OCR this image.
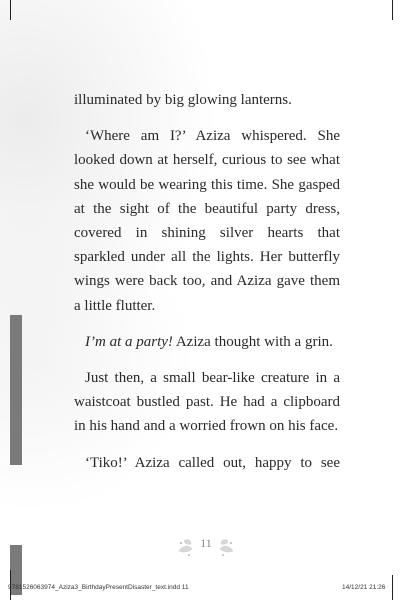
illuminated by big glowing lanterns.

‘Where am I?’ Aziza whispered. She looked down at herself, curious to see what she would be wearing this time. She gasped at the sight of the beautiful party dress, covered in shining silver hearts that sparkled under all the lights. Her butterfly wings were back too, and Aziza gave them a little flutter.

I’m at a party! Aziza thought with a grin.

Just then, a small bear-like creature in a waistcoat bustled past. He had a clipboard in his hand and a worried frown on his face.

‘Tiko!’ Aziza called out, happy to see

11
9781526063974_Aziza3_BirthdayPresentDisaster_text.indd 11	14/12/21 21:26
